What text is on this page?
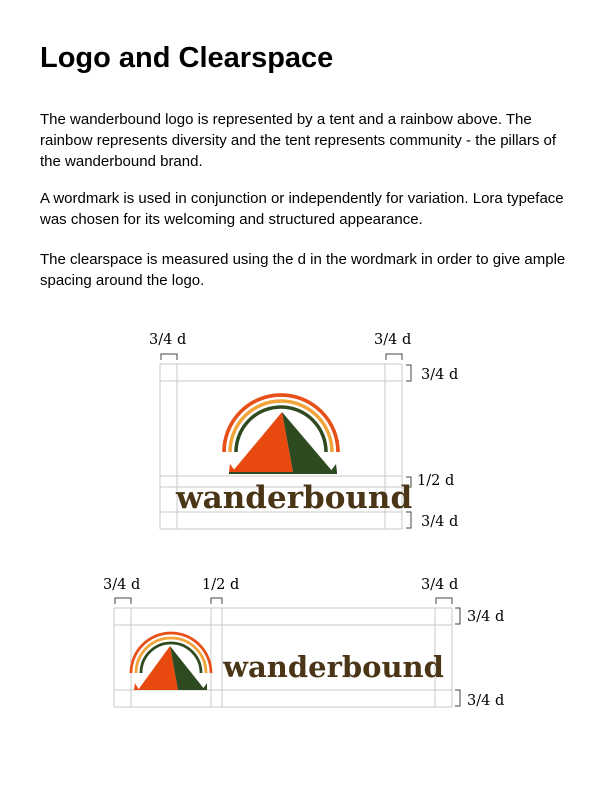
Logo and Clearspace

The wanderbound logo is represented by a tent and a rainbow above. The rainbow represents diversity and the tent represents community - the pillars of the wanderbound brand.

A wordmark is used in conjunction or independently for variation. Lora typeface was chosen for its welcoming and structured appearance.

The clearspace is measured using the d in the wordmark in order to give ample spacing around the logo.

3/4 d	3/4 d
3/4 d
1/2 d
3/4 d
wanderbound
3/4 d	1/2 d	3/4 d
3/4 d
3/4 d
wanderbound
